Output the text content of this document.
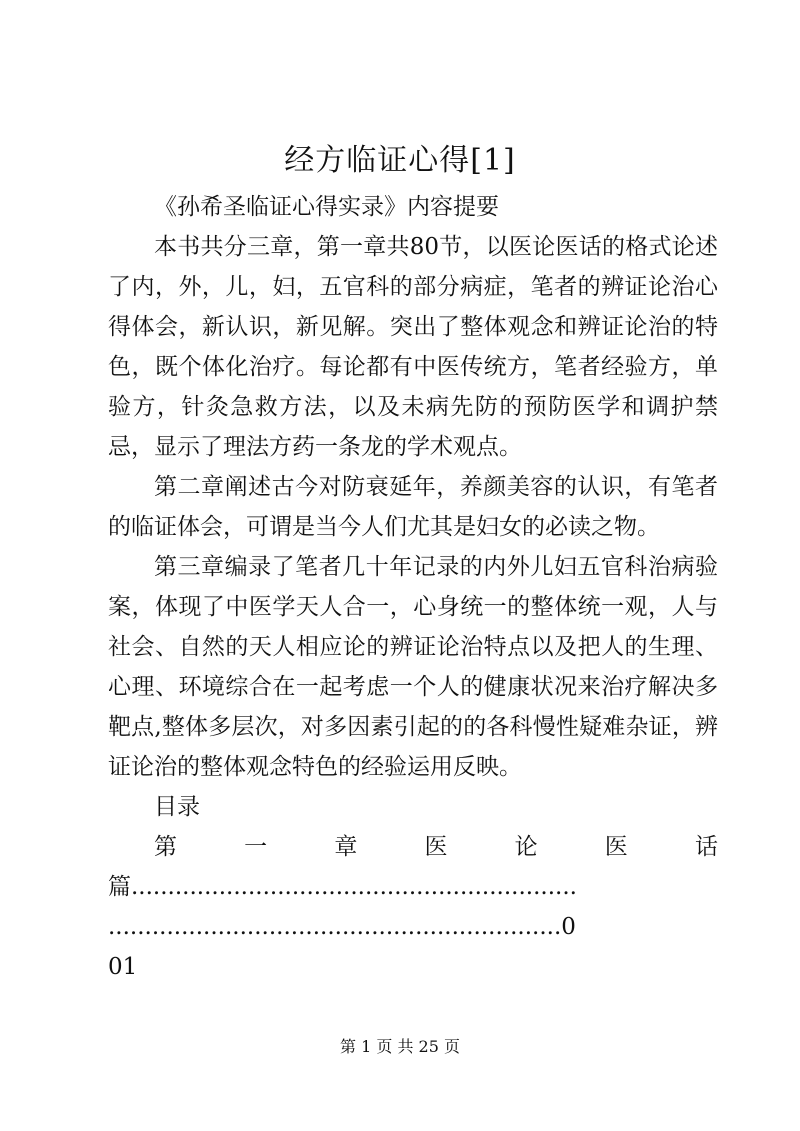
经方临证心得[1]

《孙希圣临证心得实录》内容提要

本书共分三章，第一章共80节，以医论医话的格式论述了内，外，儿，妇，五官科的部分病症，笔者的辨证论治心得体会，新认识，新见解。突出了整体观念和辨证论治的特色，既个体化治疗。每论都有中医传统方，笔者经验方，单验方，针灸急救方法，以及未病先防的预防医学和调护禁忌，显示了理法方药一条龙的学术观点。

第二章阐述古今对防衰延年，养颜美容的认识，有笔者的临证体会，可谓是当今人们尤其是妇女的必读之物。

第三章编录了笔者几十年记录的内外儿妇五官科治病验案，体现了中医学天人合一，心身统一的整体统一观，人与社会、自然的天人相应论的辨证论治特点以及把人的生理、心理、环境综合在一起考虑一个人的健康状况来治疗解决多靶点,整体多层次，对多因素引起的的各科慢性疑难杂证，辨证论治的整体观念特色的经验运用反映。

目录

第	一	章	医	论	医	话

篇.............................................................

..............................................................0

01

第 1 页 共 25 页
